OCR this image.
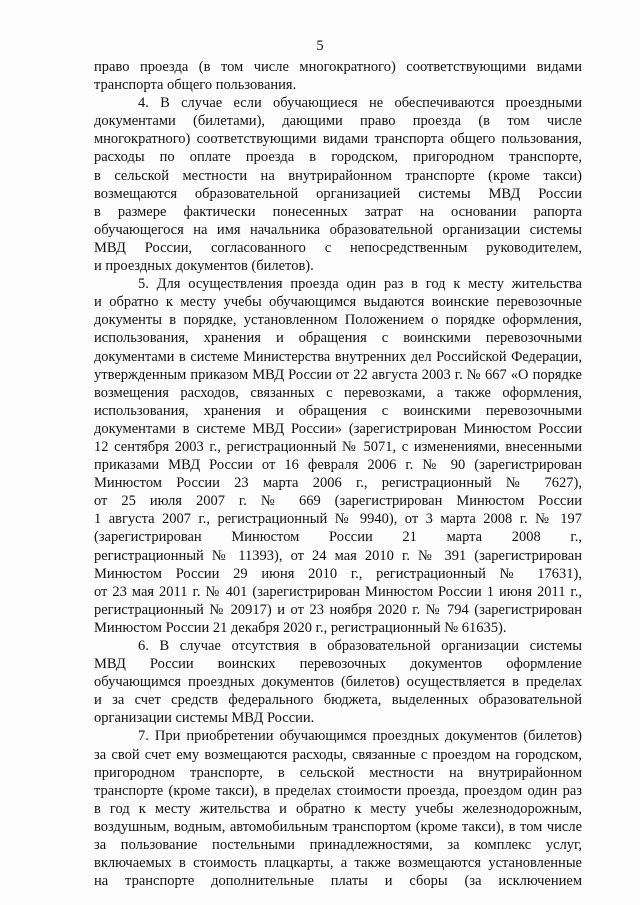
5
право проезда (в том числе многократного) соответствующими видами
транспорта общего пользования.
4. В случае если обучающиеся не обеспечиваются проездными
документами (билетами), дающими право проезда (в том числе
многократного) соответствующими видами транспорта общего пользования,
расходы по оплате проезда в городском, пригородном транспорте,
в сельской местности на внутрирайонном транспорте (кроме такси)
возмещаются образовательной организацией системы МВД России
в размере фактически понесенных затрат на основании рапорта
обучающегося на имя начальника образовательной организации системы
МВД России, согласованного с непосредственным руководителем,
и проездных документов (билетов).
5. Для осуществления проезда один раз в год к месту жительства
и обратно к месту учебы обучающимся выдаются воинские перевозочные
документы в порядке, установленном Положением о порядке оформления,
использования, хранения и обращения с воинскими перевозочными
документами в системе Министерства внутренних дел Российской Федерации,
утвержденным приказом МВД России от 22 августа 2003 г. № 667 «О порядке
возмещения расходов, связанных с перевозками, а также оформления,
использования, хранения и обращения с воинскими перевозочными
документами в системе МВД России» (зарегистрирован Минюстом России
12 сентября 2003 г., регистрационный № 5071, с изменениями, внесенными
приказами МВД России от 16 февраля 2006 г. № 90 (зарегистрирован
Минюстом России 23 марта 2006 г., регистрационный № 7627),
от 25 июля 2007 г. № 669 (зарегистрирован Минюстом России
1 августа 2007 г., регистрационный № 9940), от 3 марта 2008 г. № 197
(зарегистрирован Минюстом России 21 марта 2008 г.,
регистрационный № 11393), от 24 мая 2010 г. № 391 (зарегистрирован
Минюстом России 29 июня 2010 г., регистрационный № 17631),
от 23 мая 2011 г. № 401 (зарегистрирован Минюстом России 1 июня 2011 г.,
регистрационный № 20917) и от 23 ноября 2020 г. № 794 (зарегистрирован
Минюстом России 21 декабря 2020 г., регистрационный № 61635).
6. В случае отсутствия в образовательной организации системы
МВД России воинских перевозочных документов оформление
обучающимся проездных документов (билетов) осуществляется в пределах
и за счет средств федерального бюджета, выделенных образовательной
организации системы МВД России.
7. При приобретении обучающимся проездных документов (билетов)
за свой счет ему возмещаются расходы, связанные с проездом на городском,
пригородном транспорте, в сельской местности на внутрирайонном
транспорте (кроме такси), в пределах стоимости проезда, проездом один раз
в год к месту жительства и обратно к месту учебы железнодорожным,
воздушным, водным, автомобильным транспортом (кроме такси), в том числе
за пользование постельными принадлежностями, за комплекс услуг,
включаемых в стоимость плацкарты, а также возмещаются установленные
на транспорте дополнительные платы и сборы (за исключением
